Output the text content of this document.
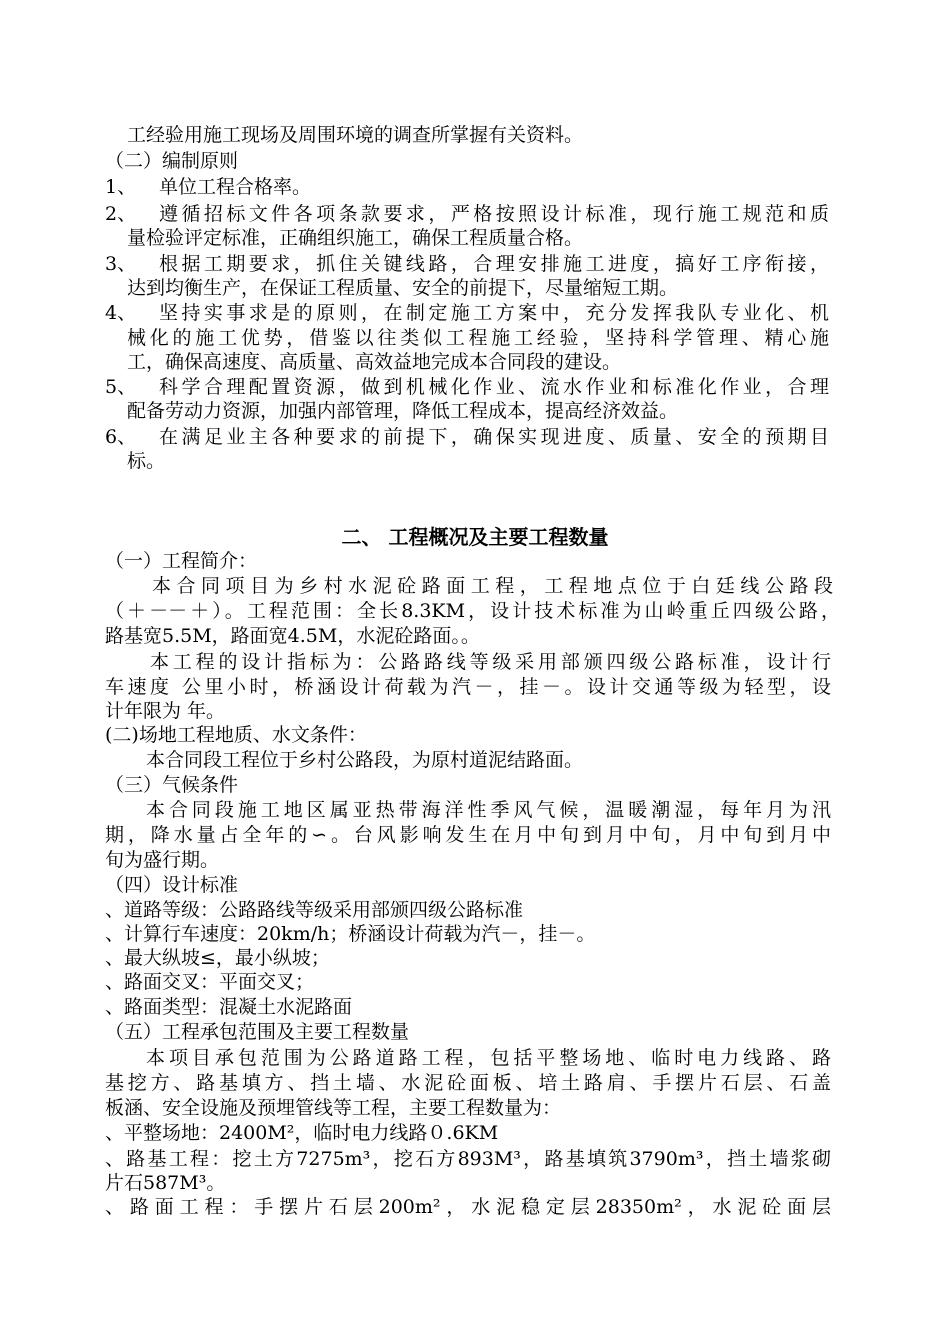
工经验用施工现场及周围环境的调查所掌握有关资料。
（二）编制原则
1、 单位工程合格率。
2、 遵循招标文件各项条款要求，严格按照设计标准，现行施工规范和质
量检验评定标准，正确组织施工，确保工程质量合格。
3、 根据工期要求，抓住关键线路，合理安排施工进度，搞好工序衔接，
达到均衡生产，在保证工程质量、安全的前提下，尽量缩短工期。
4、 坚持实事求是的原则，在制定施工方案中，充分发挥我队专业化、机
械化的施工优势，借鉴以往类似工程施工经验，坚持科学管理、精心施
工，确保高速度、高质量、高效益地完成本合同段的建设。
5、 科学合理配置资源，做到机械化作业、流水作业和标准化作业，合理
配备劳动力资源，加强内部管理，降低工程成本，提高经济效益。
6、 在满足业主各种要求的前提下，确保实现进度、质量、安全的预期目
标。
二、 工程概况及主要工程数量
（一）工程简介：
本合同项目为乡村水泥砼路面工程，工程地点位于白廷线公路段
（＋－－＋）。工程范围：全长8.3KM，设计技术标准为山岭重丘四级公路，
路基宽5.5M，路面宽4.5M，水泥砼路面。。
本工程的设计指标为：公路路线等级采用部颁四级公路标准，设计行
车速度 公里小时，桥涵设计荷载为汽－，挂－。设计交通等级为轻型，设
计年限为 年。
(二)场地工程地质、水文条件：
本合同段工程位于乡村公路段，为原村道泥结路面。
（三）气候条件
本合同段施工地区属亚热带海洋性季风气候，温暖潮湿，每年月为汛
期，降水量占全年的∽。台风影响发生在月中旬到月中旬，月中旬到月中
旬为盛行期。
（四）设计标准
、道路等级：公路路线等级采用部颁四级公路标准
、计算行车速度：20km/h；桥涵设计荷载为汽－，挂－。
、最大纵坡≤，最小纵坡；
、路面交叉：平面交叉；
、路面类型：混凝土水泥路面
（五）工程承包范围及主要工程数量
本项目承包范围为公路道路工程，包括平整场地、临时电力线路、路
基挖方、路基填方、挡土墙、水泥砼面板、培土路肩、手摆片石层、石盖
板涵、安全设施及预埋管线等工程，主要工程数量为：
、平整场地：2400M²，临时电力线路０.6KM
、路基工程：挖土方7275m³，挖石方893M³，路基填筑3790m³，挡土墙浆砌
片石587M³。
、路面工程：手摆片石层200m²，水泥稳定层28350m²，水泥砼面层
